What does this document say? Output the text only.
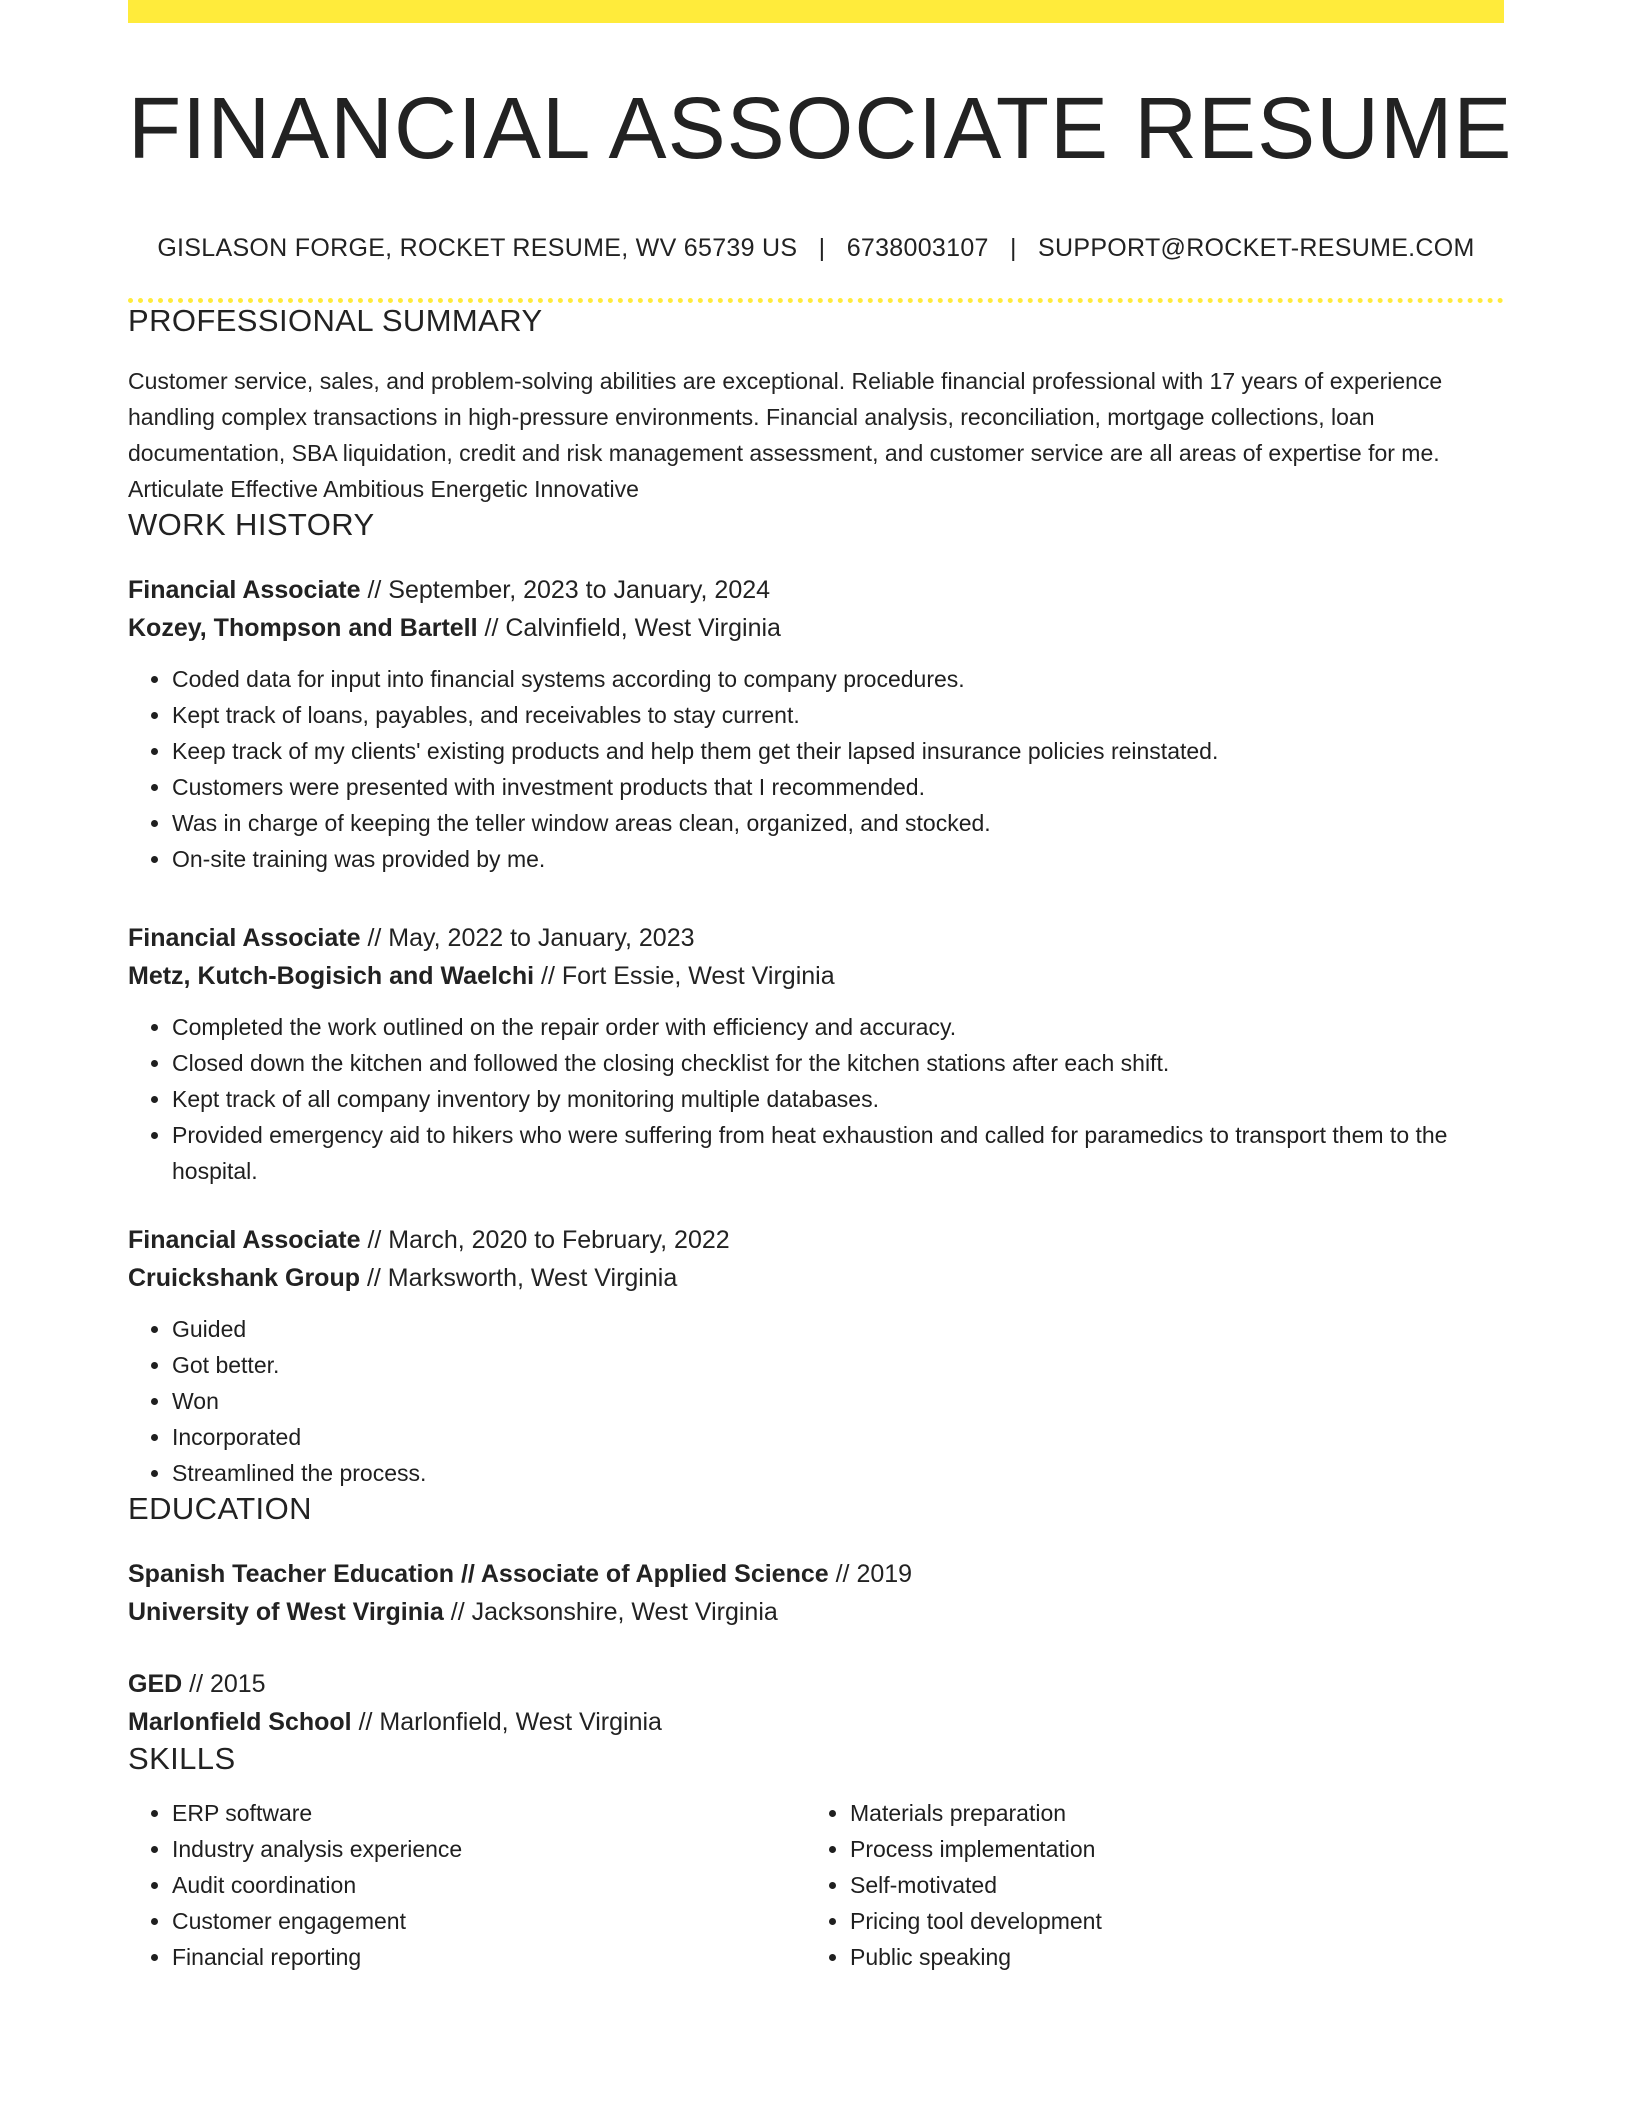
FINANCIAL ASSOCIATE RESUME
GISLASON FORGE, ROCKET RESUME, WV 65739 US | 6738003107 | SUPPORT@ROCKET-RESUME.COM
PROFESSIONAL SUMMARY
Customer service, sales, and problem-solving abilities are exceptional. Reliable financial professional with 17 years of experience handling complex transactions in high-pressure environments. Financial analysis, reconciliation, mortgage collections, loan documentation, SBA liquidation, credit and risk management assessment, and customer service are all areas of expertise for me. Articulate Effective Ambitious Energetic Innovative
WORK HISTORY
Financial Associate // September, 2023 to January, 2024
Kozey, Thompson and Bartell // Calvinfield, West Virginia
• Coded data for input into financial systems according to company procedures.
• Kept track of loans, payables, and receivables to stay current.
• Keep track of my clients' existing products and help them get their lapsed insurance policies reinstated.
• Customers were presented with investment products that I recommended.
• Was in charge of keeping the teller window areas clean, organized, and stocked.
• On-site training was provided by me.
Financial Associate // May, 2022 to January, 2023
Metz, Kutch-Bogisich and Waelchi // Fort Essie, West Virginia
• Completed the work outlined on the repair order with efficiency and accuracy.
• Closed down the kitchen and followed the closing checklist for the kitchen stations after each shift.
• Kept track of all company inventory by monitoring multiple databases.
• Provided emergency aid to hikers who were suffering from heat exhaustion and called for paramedics to transport them to the hospital.
Financial Associate // March, 2020 to February, 2022
Cruickshank Group // Marksworth, West Virginia
• Guided
• Got better.
• Won
• Incorporated
• Streamlined the process.
EDUCATION
Spanish Teacher Education // Associate of Applied Science // 2019
University of West Virginia // Jacksonshire, West Virginia
GED // 2015
Marlonfield School // Marlonfield, West Virginia
SKILLS
• ERP software
• Industry analysis experience
• Audit coordination
• Customer engagement
• Financial reporting
• Materials preparation
• Process implementation
• Self-motivated
• Pricing tool development
• Public speaking
